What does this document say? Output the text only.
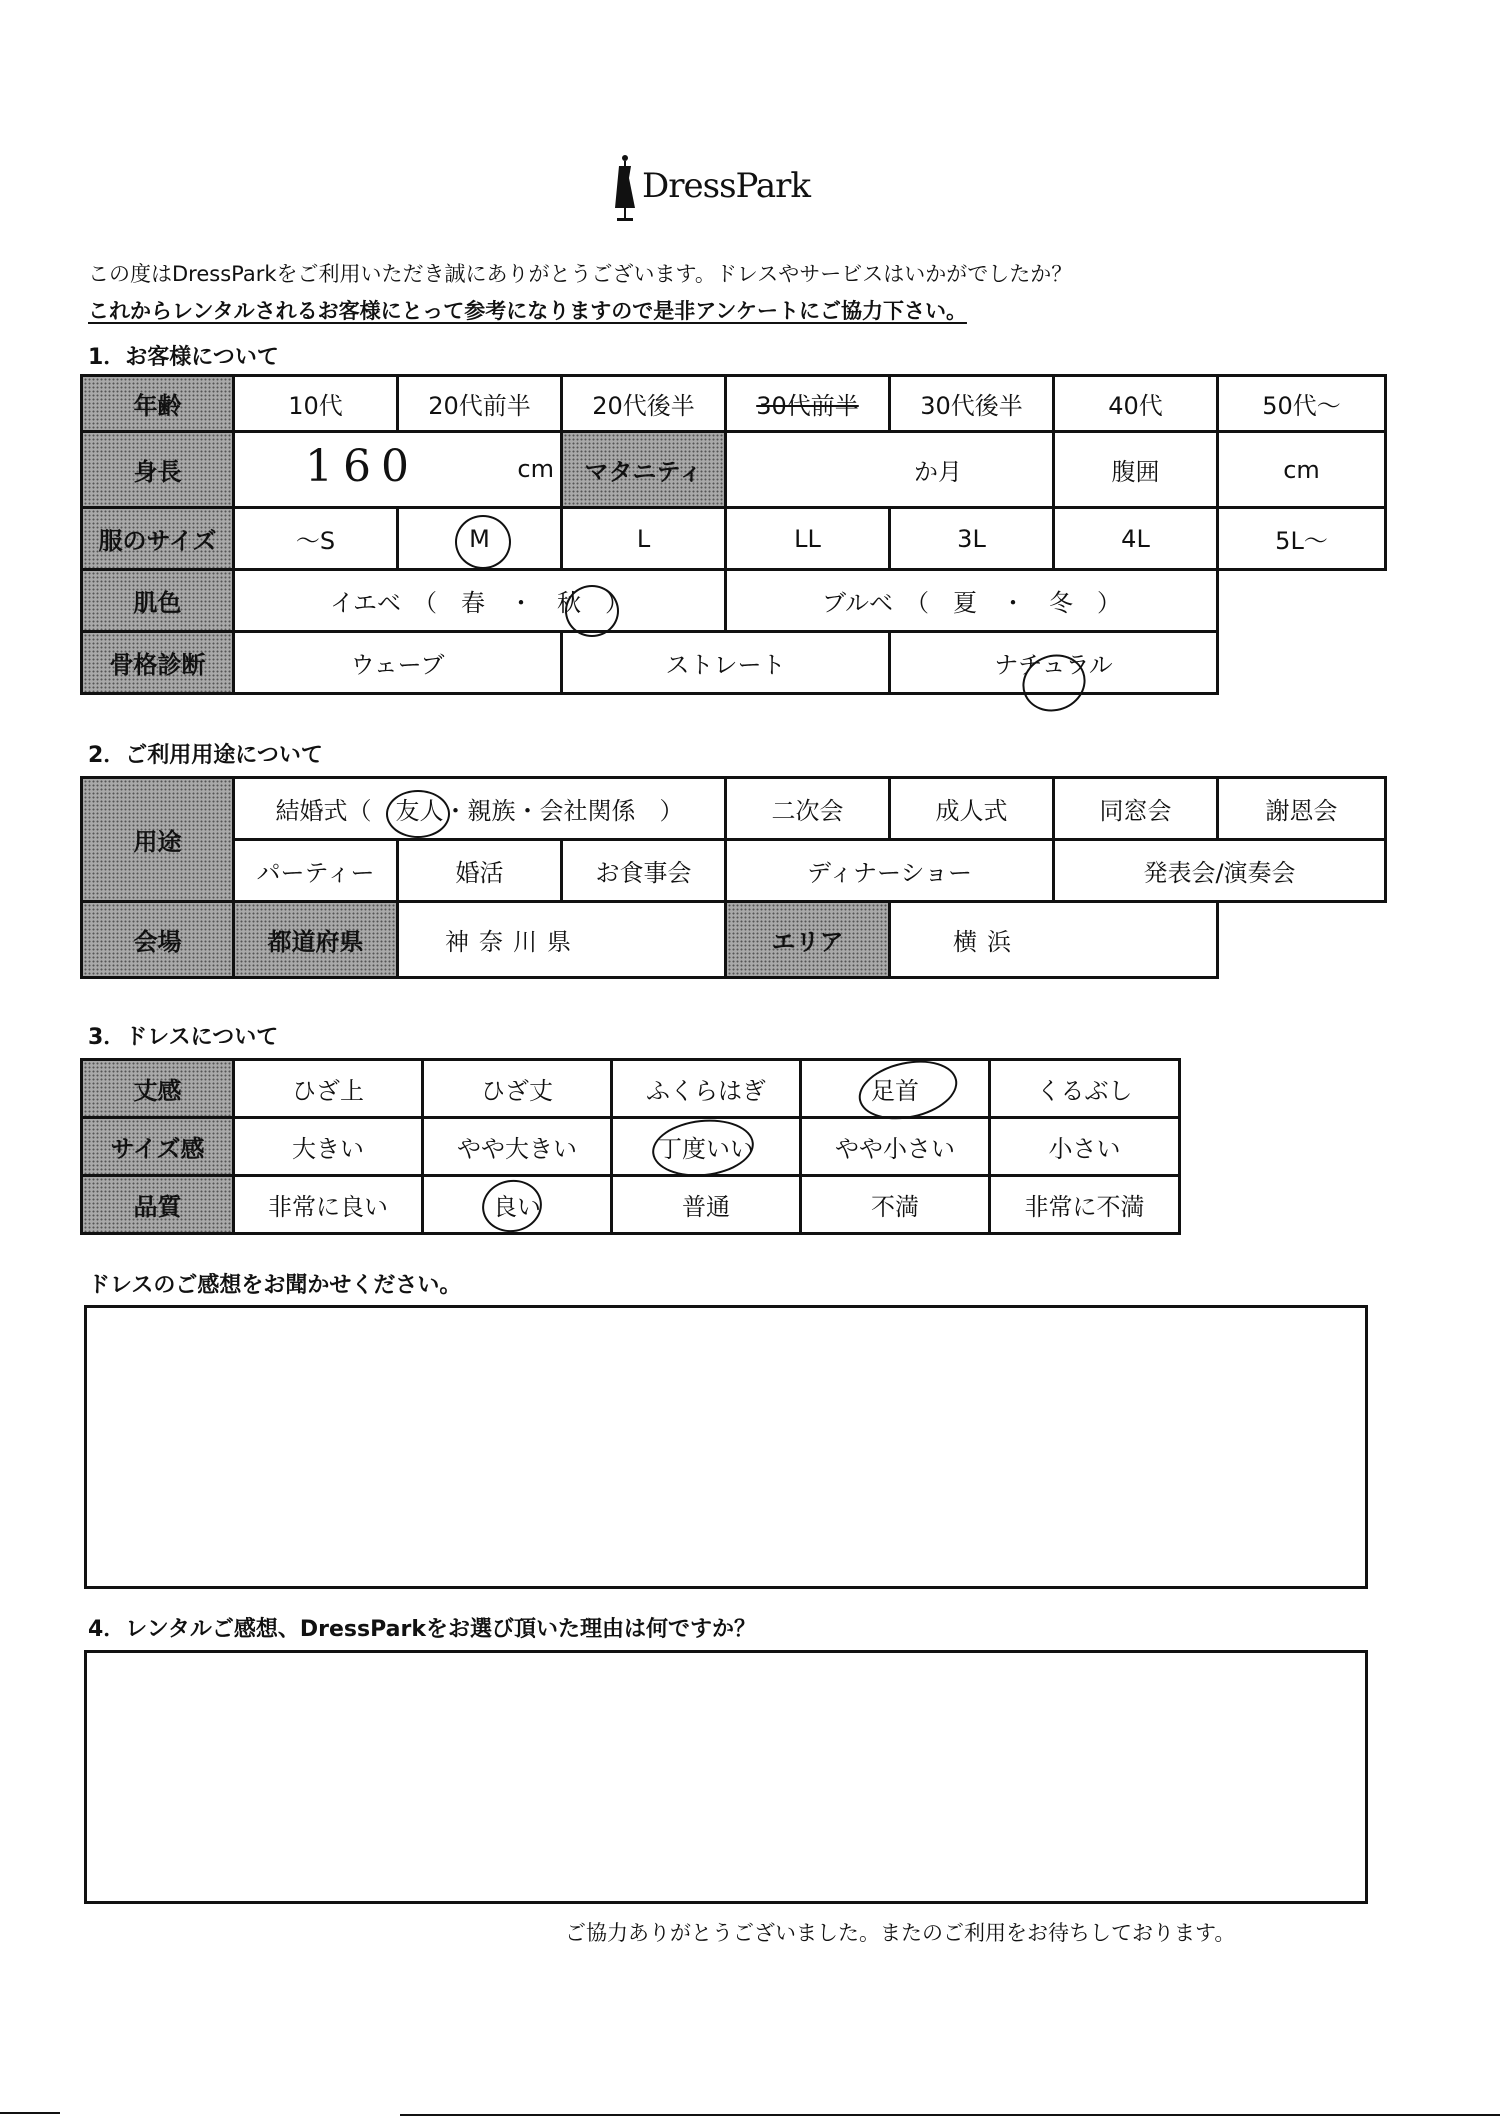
DressPark
この度はDressParkをご利用いただき誠にありがとうございます。ドレスやサービスはいかがでしたか？
これからレンタルされるお客様にとって参考になりますので是非アンケートにご協力下さい。
1．お客様について
年齢	10代	20代前半	20代後半	30代前半	30代後半	40代	50代～
身長	160 cm		マタニティ	か月		腹囲	cm
服のサイズ	～S	M	L	LL	3L	4L	5L～
肌色	イエベ　（　春　・　秋　）			ブルベ　（　夏　・　冬　）			
骨格診断	ウェーブ		ストレート		ナチュラル		
2．ご利用用途について
用途	結婚式（　友人・親族・会社関係　）			二次会	成人式	同窓会	謝恩会
	パーティー	婚活	お食事会	ディナーショー		発表会/演奏会	
会場	都道府県	神奈川県		エリア	横浜		
3．ドレスについて
丈感	ひざ上	ひざ丈	ふくらはぎ	足首	くるぶし
サイズ感	大きい	やや大きい	丁度いい	やや小さい	小さい
品質	非常に良い	良い	普通	不満	非常に不満
ドレスのご感想をお聞かせください。
4．レンタルご感想、DressParkをお選び頂いた理由は何ですか？
ご協力ありがとうございました。またのご利用をお待ちしております。
